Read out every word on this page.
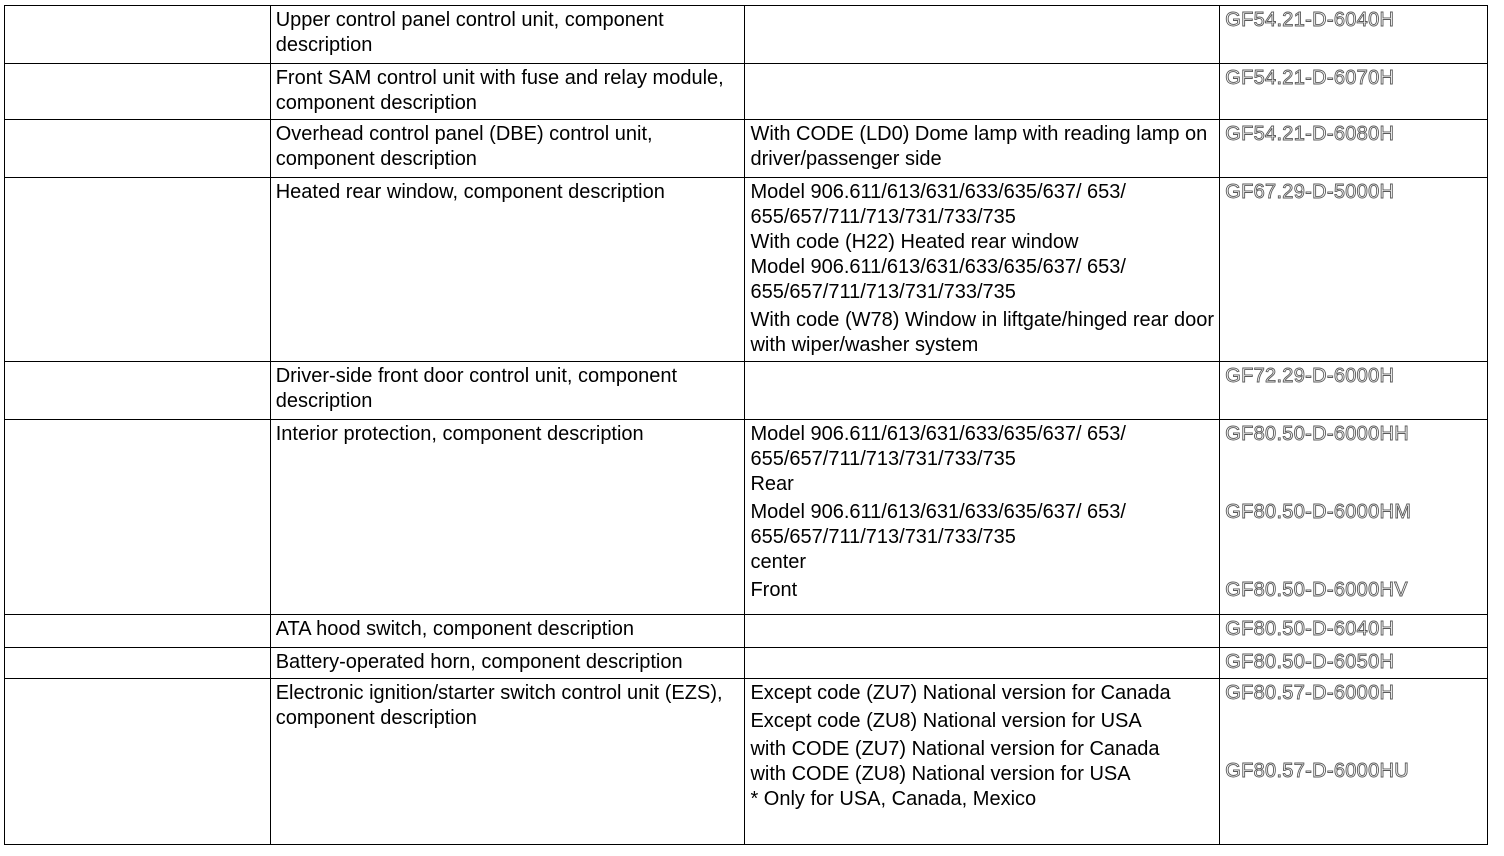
	Upper control panel control unit, component description		GF54.21-D-6040H
	Front SAM control unit with fuse and relay module, component description		GF54.21-D-6070H
	Overhead control panel (DBE) control unit, component description	With CODE (LD0) Dome lamp with reading lamp on driver/passenger side	GF54.21-D-6080H
	Heated rear window, component description	Model 906.611/613/631/633/635/637/ 653/ 655/657/711/713/731/733/735
With code (H22) Heated rear window
Model 906.611/613/631/633/635/637/ 653/ 655/657/711/713/731/733/735
With code (W78) Window in liftgate/hinged rear door with wiper/washer system	GF67.29-D-5000H
	Driver-side front door control unit, component description		GF72.29-D-6000H
	Interior protection, component description	Model 906.611/613/631/633/635/637/ 653/ 655/657/711/713/731/733/735
Rear
Model 906.611/613/631/633/635/637/ 653/ 655/657/711/713/731/733/735
center
Front	GF80.50-D-6000HH
GF80.50-D-6000HM
GF80.50-D-6000HV

	ATA hood switch, component description		GF80.50-D-6040H
	Battery-operated horn, component description		GF80.50-D-6050H
	Electronic ignition/starter switch control unit (EZS), component description	Except code (ZU7) National version for Canada
Except code (ZU8) National version for USA
with CODE (ZU7) National version for Canada
with CODE (ZU8) National version for USA
* Only for USA, Canada, Mexico	GF80.57-D-6000H
GF80.57-D-6000HU
